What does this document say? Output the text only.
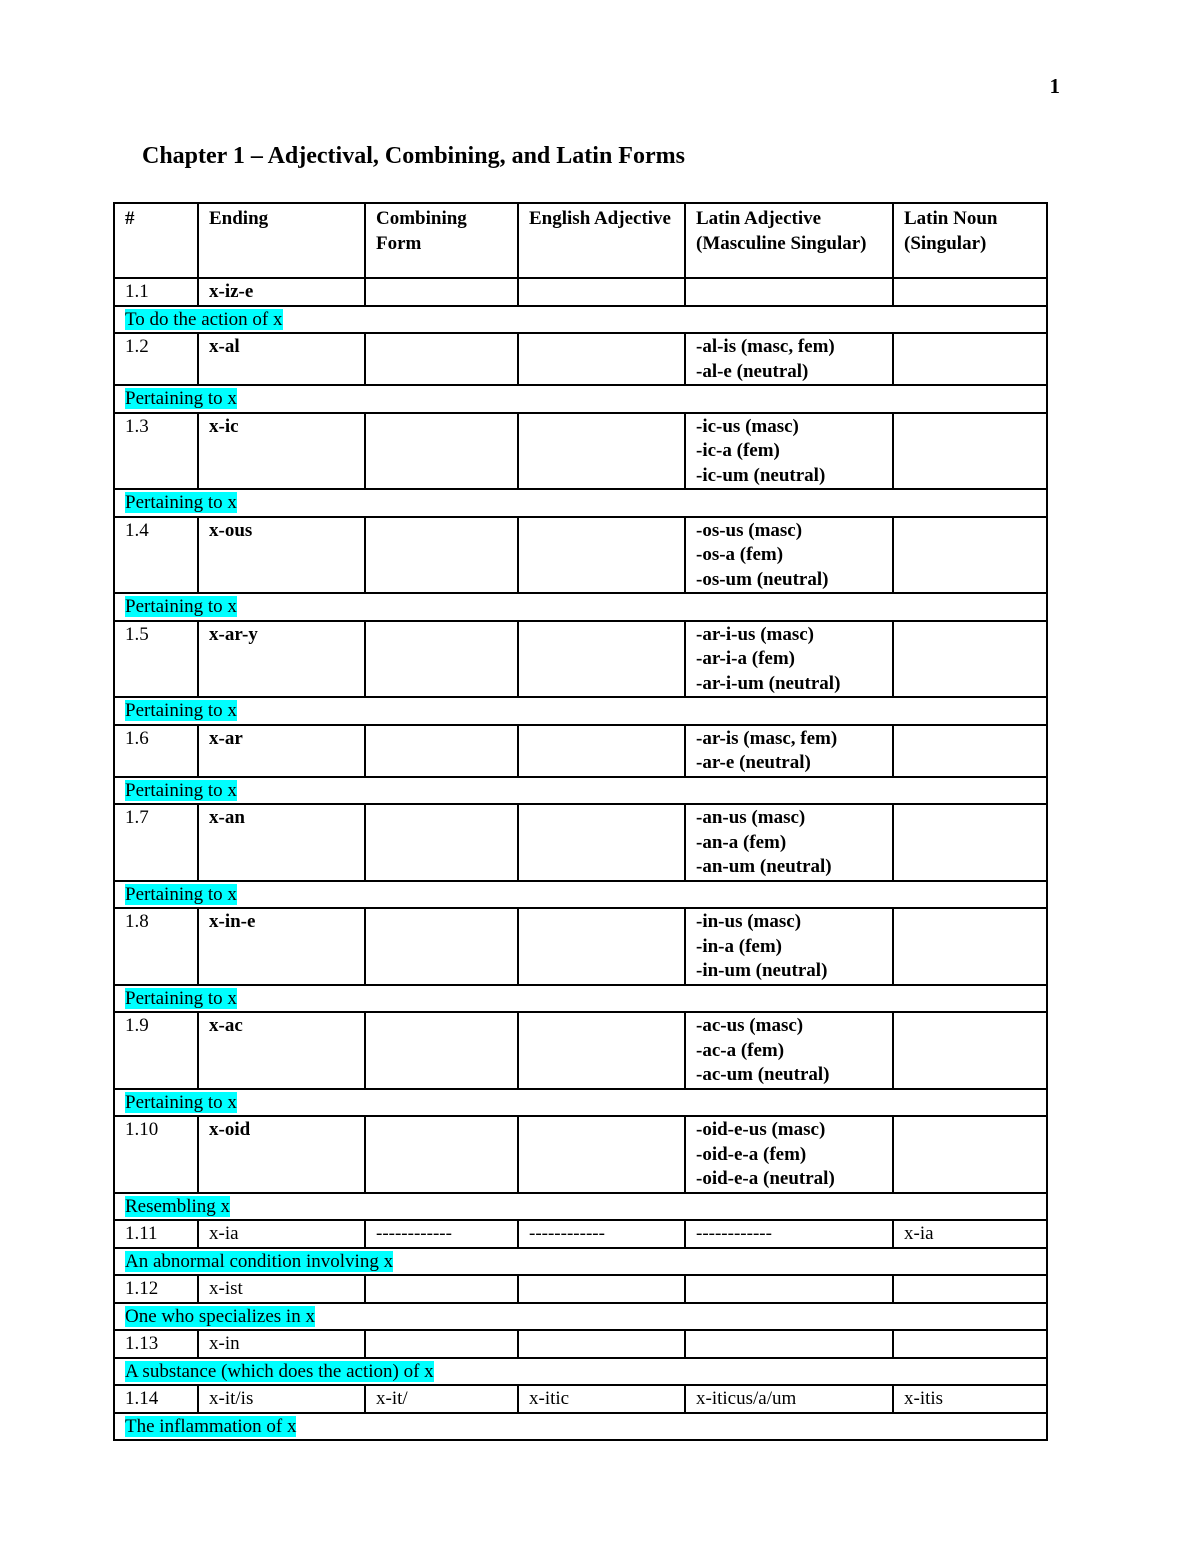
1
Chapter 1 – Adjectival, Combining, and Latin Forms
#	Ending	Combining Form	English Adjective	Latin Adjective (Masculine Singular)	Latin Noun (Singular)
1.1	x-iz-e				
To do the action of x					
1.2	x-al			-al-is (masc, fem)
-al-e (neutral)	

Pertaining to x					
1.3	x-ic			-ic-us (masc)
-ic-a (fem)
-ic-um (neutral)	

Pertaining to x					
1.4	x-ous			-os-us (masc)
-os-a (fem)
-os-um (neutral)	

Pertaining to x					
1.5	x-ar-y			-ar-i-us (masc)
-ar-i-a (fem)
-ar-i-um (neutral)	

Pertaining to x					
1.6	x-ar			-ar-is (masc, fem)
-ar-e (neutral)	

Pertaining to x					
1.7	x-an			-an-us (masc)
-an-a (fem)
-an-um (neutral)	

Pertaining to x					
1.8	x-in-e			-in-us (masc)
-in-a (fem)
-in-um (neutral)	

Pertaining to x					
1.9	x-ac			-ac-us (masc)
-ac-a (fem)
-ac-um (neutral)	

Pertaining to x					
1.10	x-oid			-oid-e-us (masc)
-oid-e-a (fem)
-oid-e-a (neutral)	

Resembling x					
1.11	x-ia	------------	------------	------------	x-ia
An abnormal condition involving x					
1.12	x-ist				
One who specializes in x					
1.13	x-in				
A substance (which does the action) of x					
1.14	x-it/is	x-it/	x-itic	x-iticus/a/um	x-itis
The inflammation of x					
